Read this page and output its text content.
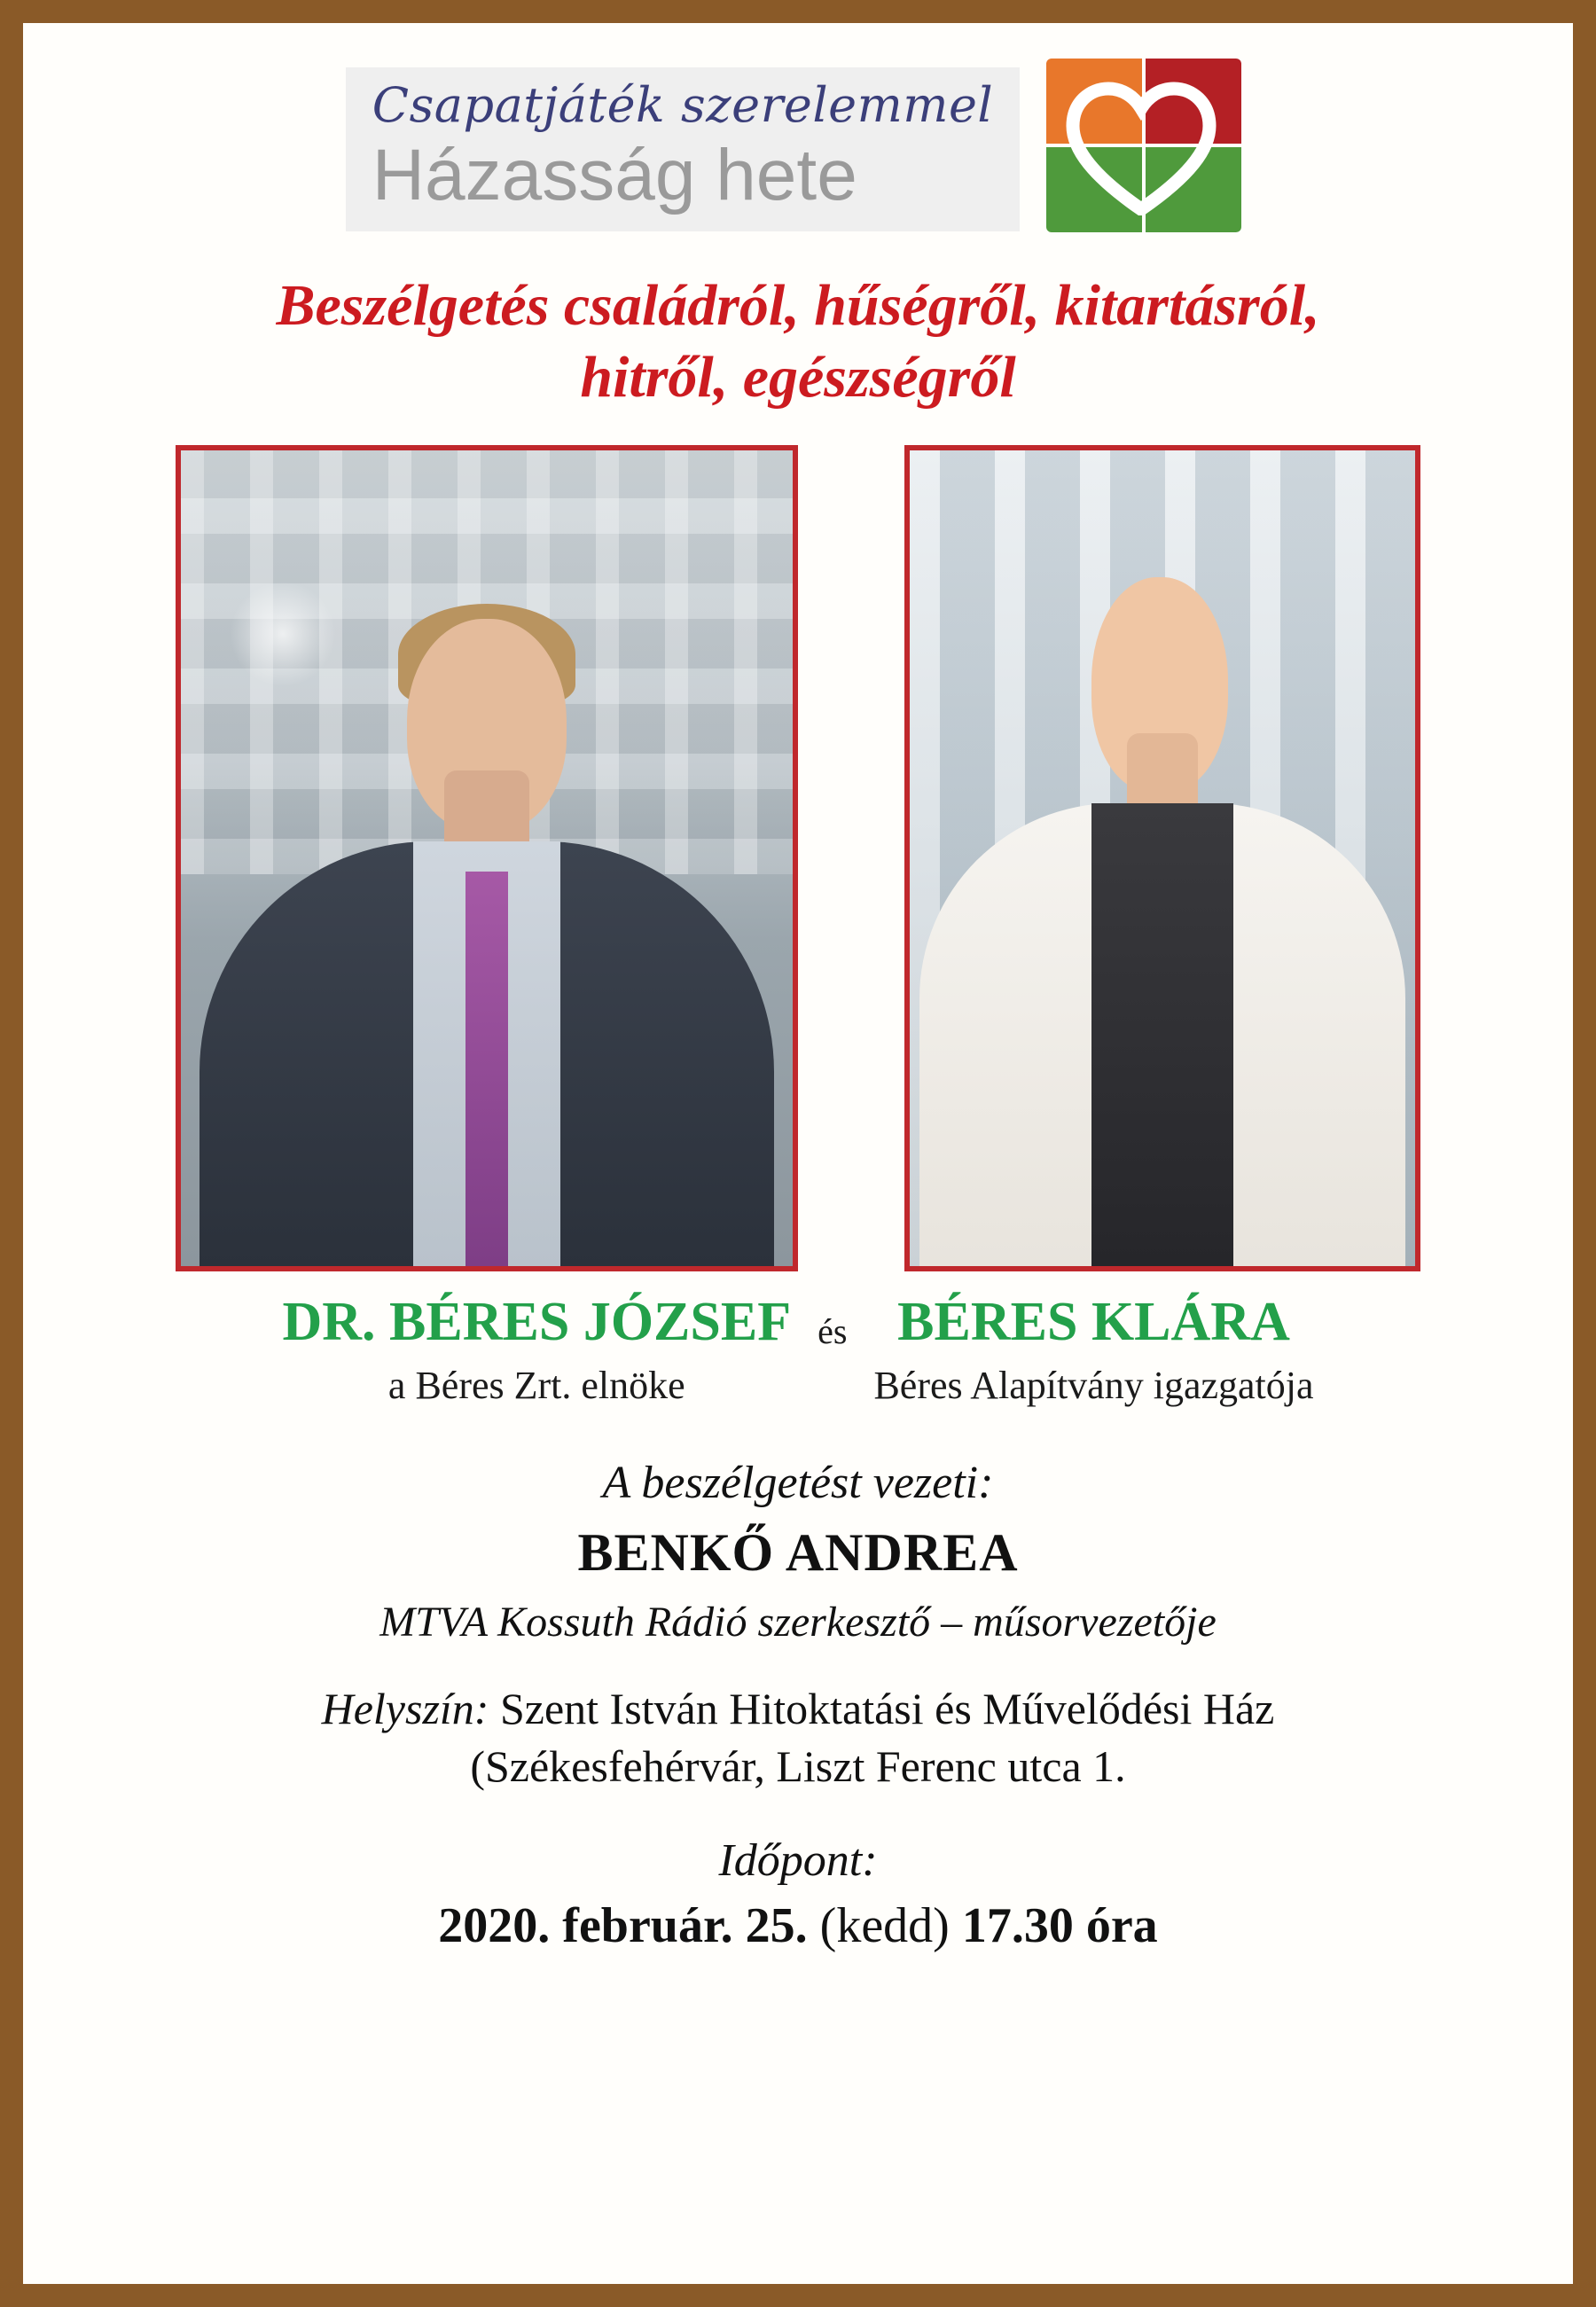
Csapatjáték szerelemmel
Házasság hete
Beszélgetés családról, hűségről, kitartásról,
hitről, egészségről
DR. BÉRES JÓZSEF
a Béres Zrt. elnöke
és BÉRES KLÁRA
Béres Alapítvány igazgatója
A beszélgetést vezeti:
BENKŐ ANDREA
MTVA Kossuth Rádió szerkesztő – műsorvezetője
Helyszín: Szent István Hitoktatási és Művelődési Ház
(Székesfehérvár, Liszt Ferenc utca 1.
Időpont:
2020. február. 25. (kedd) 17.30 óra
